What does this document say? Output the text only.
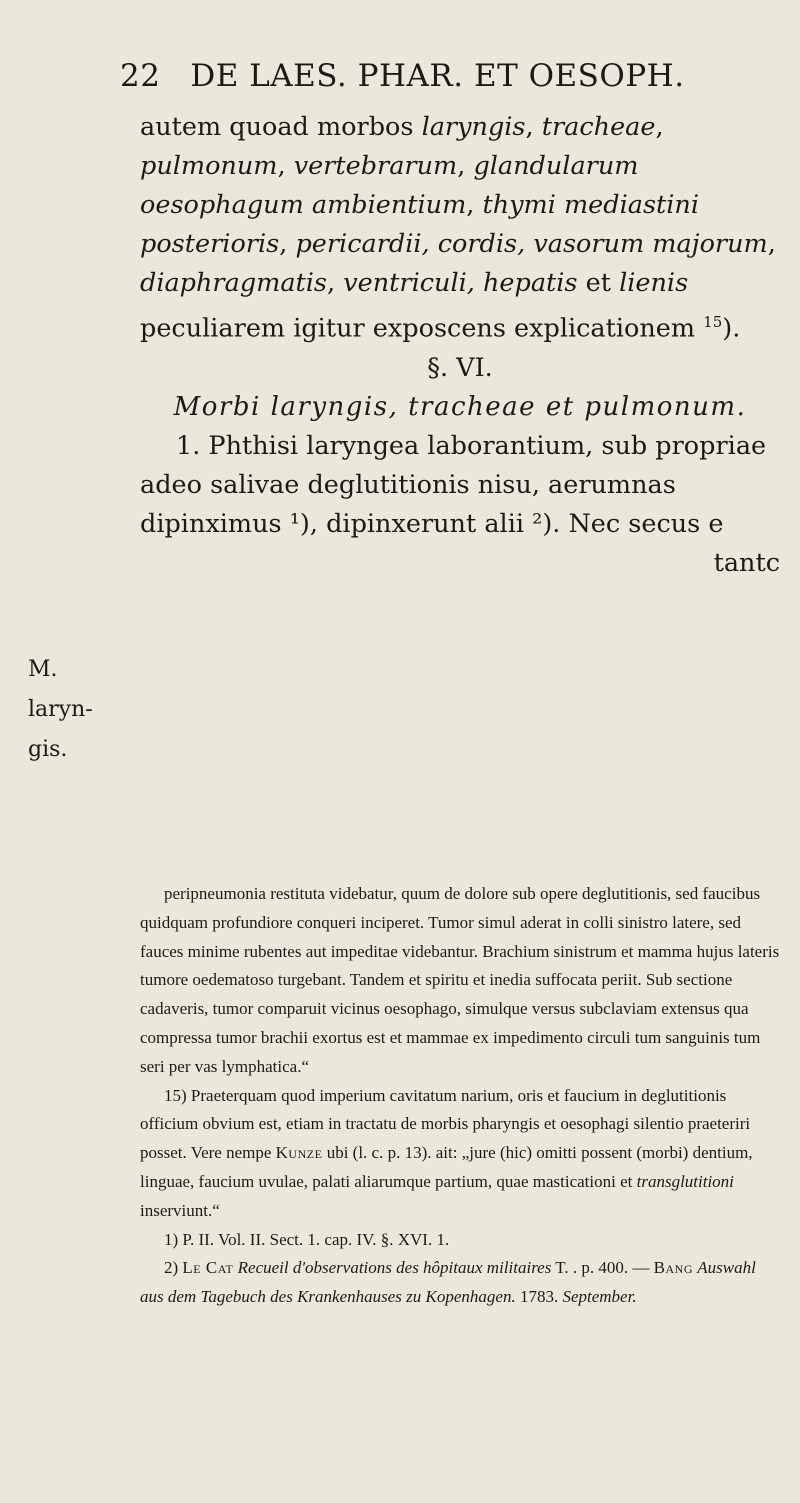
22 DE LAES. PHAR. ET OESOPH.
M. laryn-
gis.

autem quoad morbos laryngis, tracheae, pulmonum, vertebrarum, glandularum oesophagum ambientium, thymi mediastini posterioris, pericardii, cordis, vasorum majorum, diaphragmatis, ventriculi, hepatis et lienis peculiarem igitur exposcens explicationem $^{15}$).

§. VI.

Morbi laryngis, tracheae et pulmonum.

1. Phthisi laryngea laborantium, sub propriae adeo salivae deglutitionis nisu, aerumnas dipinximus ¹), dipinxerunt alii ²). Nec secus e

tantc

peripneumonia restituta videbatur, quum de dolore sub opere deglutitionis, sed faucibus quidquam profundiore conqueri inciperet. Tumor simul aderat in colli sinistro latere, sed fauces minime rubentes aut impeditae videbantur. Brachium sinistrum et mamma hujus lateris tumore oedematoso turgebant. Tandem et spiritu et inedia suffocata periit. Sub sectione cadaveris, tumor comparuit vicinus oesophago, simulque versus subclaviam extensus qua compressa tumor brachii exortus est et mammae ex impedimento circuli tum sanguinis tum seri per vas lymphatica.“

15) Praeterquam quod imperium cavitatum narium, oris et faucium in deglutitionis officium obvium est, etiam in tractatu de morbis pharyngis et oesophagi silentio praeteriri posset. Vere nempe Kunze ubi (l. c. p. 13). ait: „jure (hic) omitti possent (morbi) dentium, linguae, faucium uvulae, palati aliarumque partium, quae masticationi et transglutitioni inserviunt.“

1) P. II. Vol. II. Sect. 1. cap. IV. §. XVI. 1.

2) Le Cat Recueil d'observations des hôpitaux militaires T. . p. 400. — Bang Auswahl aus dem Tagebuch des Krankenhauses zu Kopenhagen. 1783. September.
